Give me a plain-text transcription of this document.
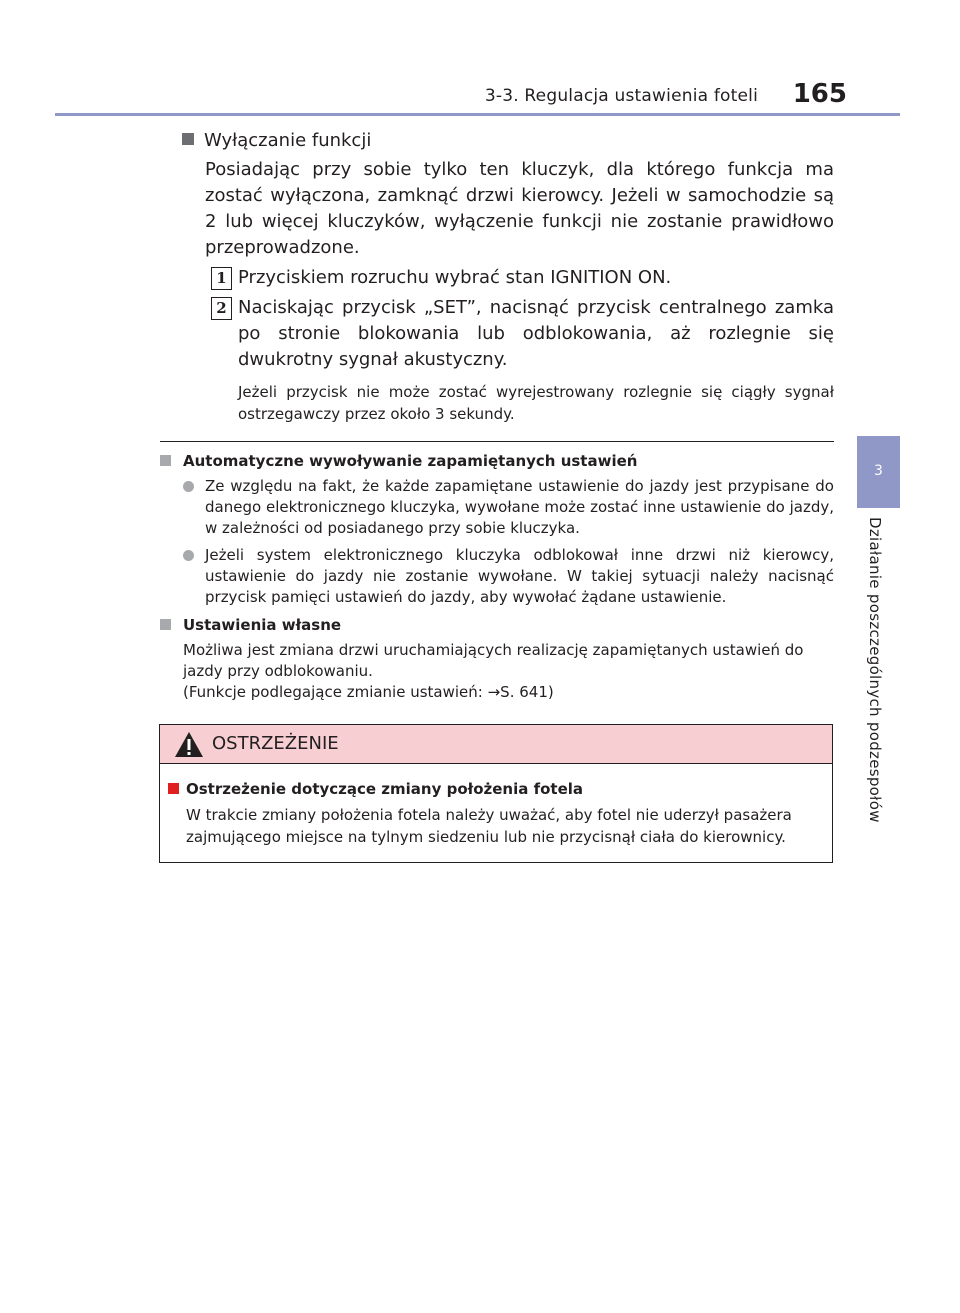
3-3. Regulacja ustawienia foteli 165
3
Działanie poszczególnych podzespołów
Wyłączanie funkcji
Posiadając przy sobie tylko ten kluczyk, dla którego funkcja ma zostać wyłączona, zamknąć drzwi kierowcy. Jeżeli w samochodzie są 2 lub więcej kluczyków, wyłączenie funkcji nie zostanie prawidłowo przeprowadzone.
1 Przyciskiem rozruchu wybrać stan IGNITION ON.
2 Naciskając przycisk „SET”, nacisnąć przycisk centralnego zamka po stronie blokowania lub odblokowania, aż rozlegnie się dwukrotny sygnał akustyczny.
Jeżeli przycisk nie może zostać wyrejestrowany rozlegnie się ciągły sygnał ostrzegawczy przez około 3 sekundy.
Automatyczne wywoływanie zapamiętanych ustawień
Ze względu na fakt, że każde zapamiętane ustawienie do jazdy jest przypisane do danego elektronicznego kluczyka, wywołane może zostać inne ustawienie do jazdy, w zależności od posiadanego przy sobie kluczyka.
Jeżeli system elektronicznego kluczyka odblokował inne drzwi niż kierowcy, ustawienie do jazdy nie zostanie wywołane. W takiej sytuacji należy nacisnąć przycisk pamięci ustawień do jazdy, aby wywołać żądane ustawienie.
Ustawienia własne
Możliwa jest zmiana drzwi uruchamiających realizację zapamiętanych ustawień do jazdy przy odblokowaniu.
(Funkcje podlegające zmianie ustawień: →S. 641)
OSTRZEŻENIE
Ostrzeżenie dotyczące zmiany położenia fotela
W trakcie zmiany położenia fotela należy uważać, aby fotel nie uderzył pasażera zajmującego miejsce na tylnym siedzeniu lub nie przycisnął ciała do kierownicy.
